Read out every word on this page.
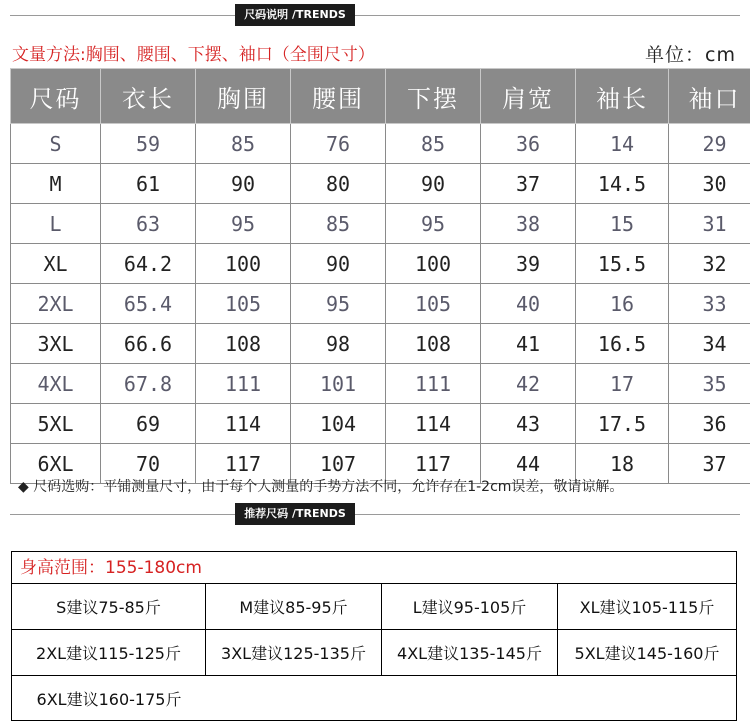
尺码说明 /TRENDS
文量方法:胸围、腰围、下摆、袖口（全围尺寸）	单位：cm
尺码	衣长	胸围	腰围	下摆	肩宽	袖长	袖口
S	59	85	76	85	36	14	29
M	61	90	80	90	37	14.5	30
L	63	95	85	95	38	15	31
XL	64.2	100	90	100	39	15.5	32
2XL	65.4	105	95	105	40	16	33
3XL	66.6	108	98	108	41	16.5	34
4XL	67.8	111	101	111	42	17	35
5XL	69	114	104	114	43	17.5	36
6XL	70	117	107	117	44	18	37
◆ 尺码选购：平铺测量尺寸，由于每个人测量的手势方法不同，允许存在1-2cm误差，敬请谅解。
推荐尺码 /TRENDS
身高范围：155-180cm
S建议75-85斤	M建议85-95斤	L建议95-105斤	XL建议105-115斤
2XL建议115-125斤	3XL建议125-135斤	4XL建议135-145斤	5XL建议145-160斤
6XL建议160-175斤
